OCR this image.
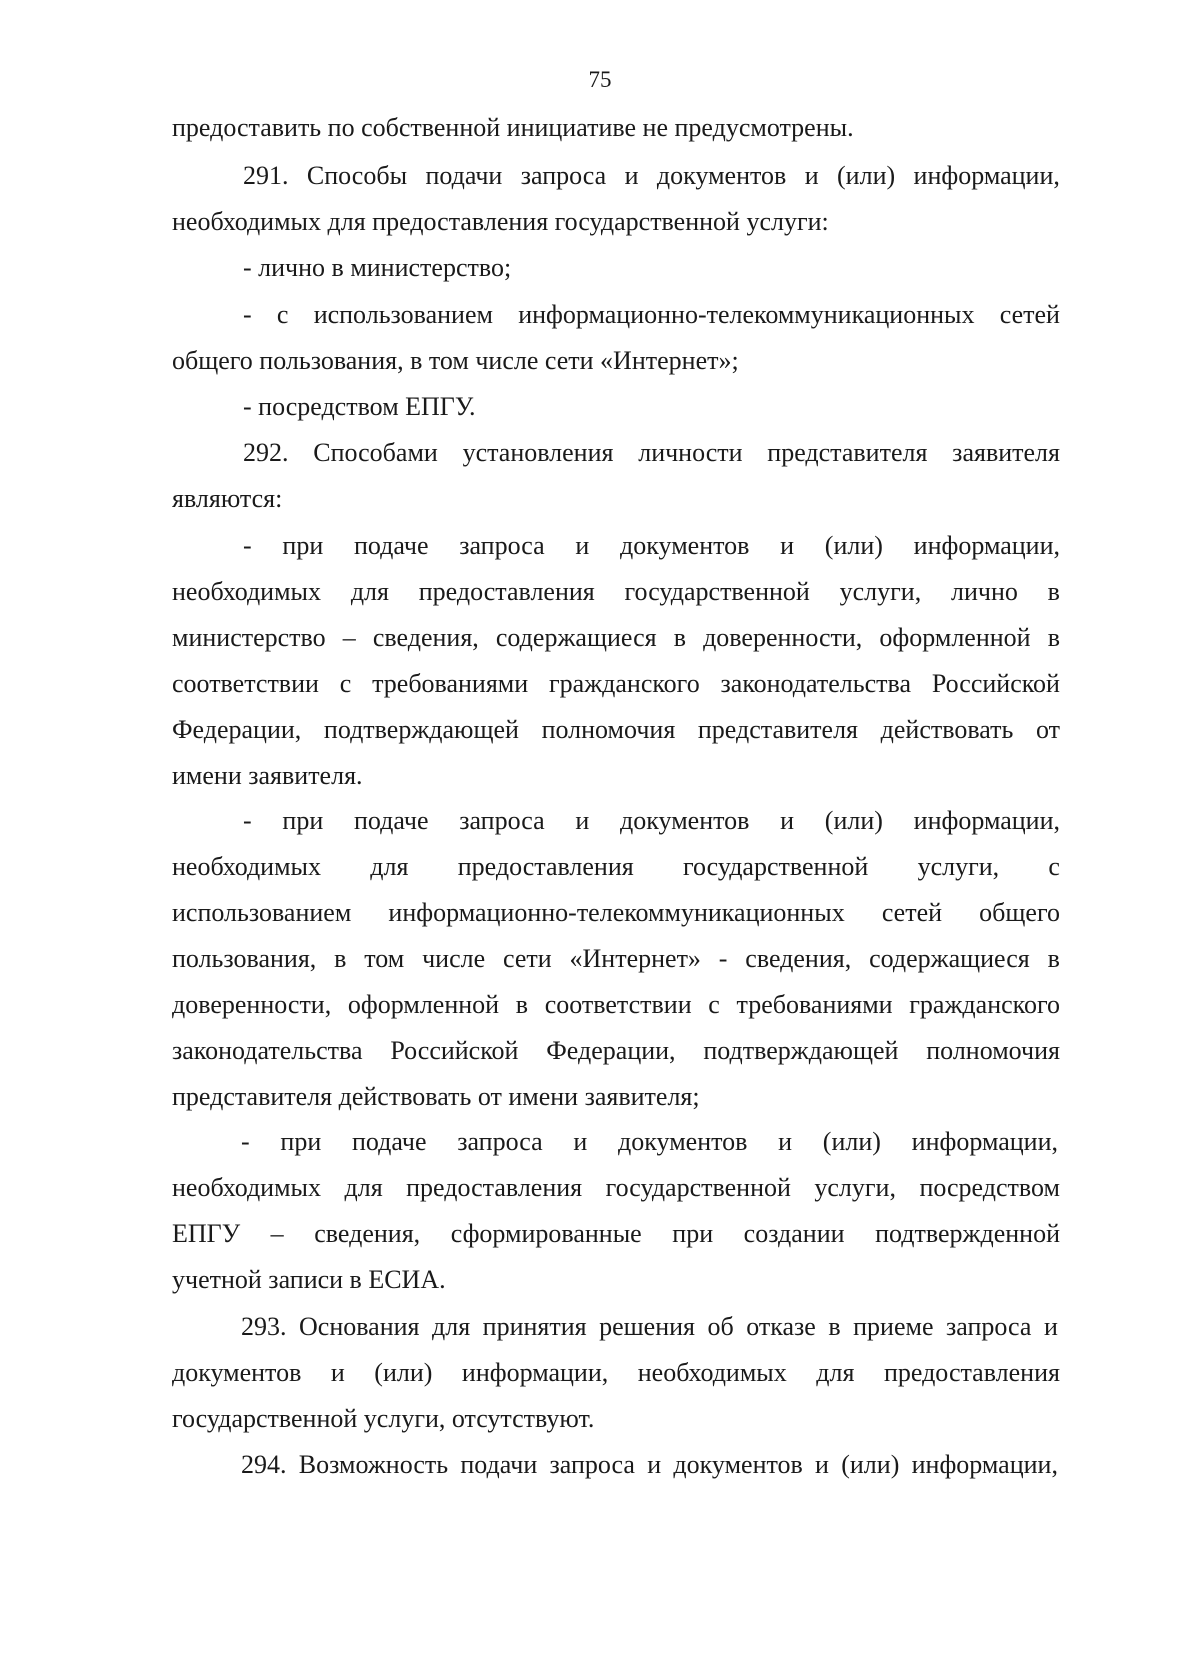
75
предоставить по собственной инициативе не предусмотрены.
291. Способы подачи запроса и документов и (или) информации,
необходимых для предоставления государственной услуги:
- лично в министерство;
- с использованием информационно-телекоммуникационных сетей
общего пользования, в том числе сети «Интернет»;
- посредством ЕПГУ.
292. Способами установления личности представителя заявителя
являются:
- при подаче запроса и документов и (или) информации,
необходимых для предоставления государственной услуги, лично в
министерство – сведения, содержащиеся в доверенности, оформленной в
соответствии с требованиями гражданского законодательства Российской
Федерации, подтверждающей полномочия представителя действовать от
имени заявителя.
- при подаче запроса и документов и (или) информации,
необходимых для предоставления государственной услуги, с
использованием информационно-телекоммуникационных сетей общего
пользования, в том числе сети «Интернет» - сведения, содержащиеся в
доверенности, оформленной в соответствии с требованиями гражданского
законодательства Российской Федерации, подтверждающей полномочия
представителя действовать от имени заявителя;
- при подаче запроса и документов и (или) информации,
необходимых для предоставления государственной услуги, посредством
ЕПГУ – сведения, сформированные при создании подтвержденной
учетной записи в ЕСИА.
293. Основания для принятия решения об отказе в приеме запроса и
документов и (или) информации, необходимых для предоставления
государственной услуги, отсутствуют.
294. Возможность подачи запроса и документов и (или) информации,
